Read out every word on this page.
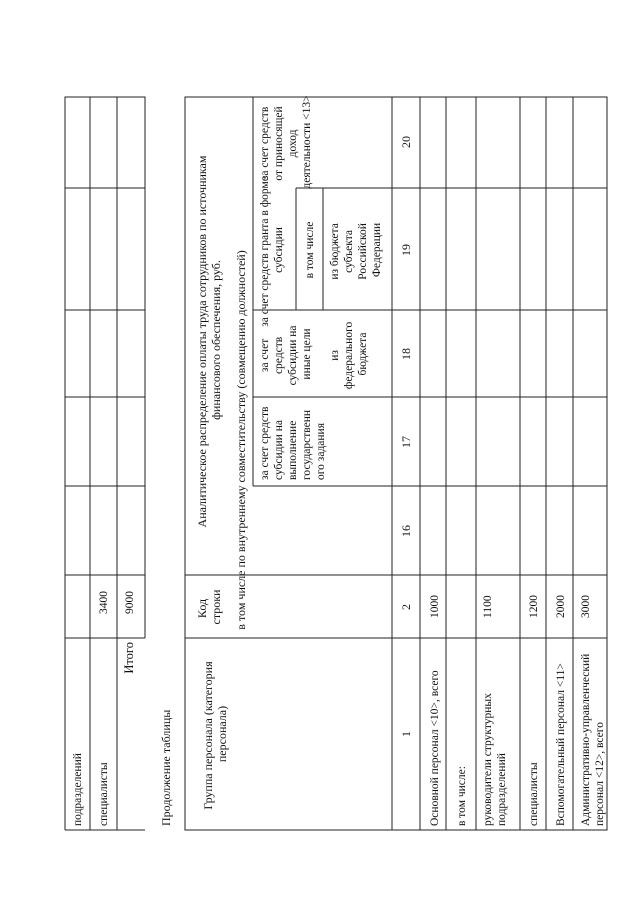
подразделений специалисты
3400
Итого
9000
Продолжение таблицы Группа персонала (категория персонала)
Код строки
Аналитическое распределение оплаты труда сотрудников по источникам финансового обеспечения, руб. в том числе по внутреннему совместительству (совмещению должностей) за счет средств субсидии на выполнение государственн ого задания
за счет средств субсидии на иные цели
за счет средств гранта в форме субсидии в том числе
из федерального бюджета
из бюджета субъекта Российской Федерации
за счет средств от приносящей доход деятельности <13>
1
2
16
17
18
19
20
Основной персонал <10>, всего
1000
в том числе: руководители структурных подразделений
1100
специалисты
1200
Вспомогательный персонал <11>
2000
Административно-управленческий персонал <12>, всего
3000
